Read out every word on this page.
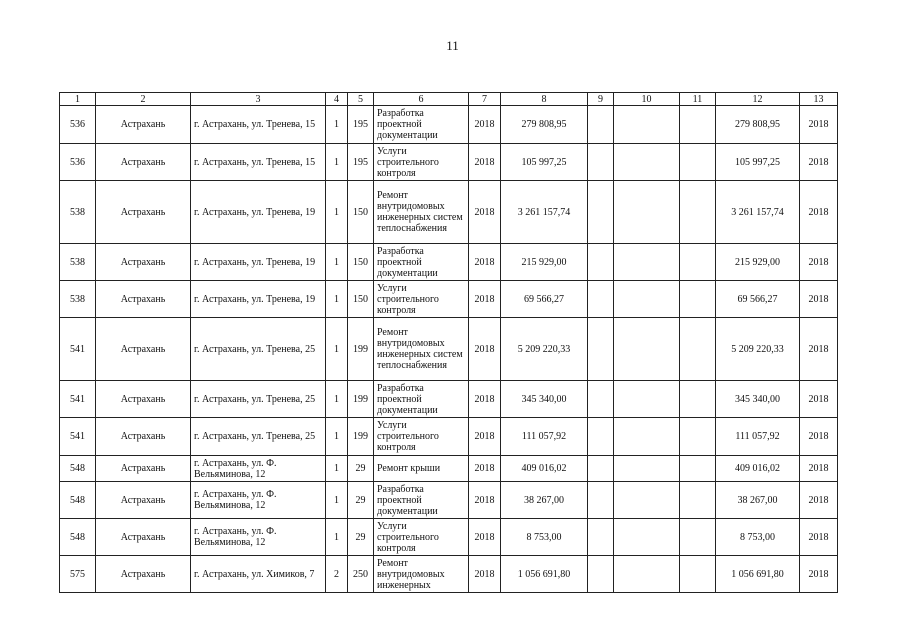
11
1	2	3	4	5	6	7	8	9	10	11	12	13
536	Астрахань	г. Астрахань, ул. Тренева, 15	1	195	Разработка проектной документации	2018	279 808,95				279 808,95	2018
536	Астрахань	г. Астрахань, ул. Тренева, 15	1	195	Услуги строительного контроля	2018	105 997,25				105 997,25	2018
538	Астрахань	г. Астрахань, ул. Тренева, 19	1	150	Ремонт внутридомовых инженерных систем теплоснабжения	2018	3 261 157,74				3 261 157,74	2018
538	Астрахань	г. Астрахань, ул. Тренева, 19	1	150	Разработка проектной документации	2018	215 929,00				215 929,00	2018
538	Астрахань	г. Астрахань, ул. Тренева, 19	1	150	Услуги строительного контроля	2018	69 566,27				69 566,27	2018
541	Астрахань	г. Астрахань, ул. Тренева, 25	1	199	Ремонт внутридомовых инженерных систем теплоснабжения	2018	5 209 220,33				5 209 220,33	2018
541	Астрахань	г. Астрахань, ул. Тренева, 25	1	199	Разработка проектной документации	2018	345 340,00				345 340,00	2018
541	Астрахань	г. Астрахань, ул. Тренева, 25	1	199	Услуги строительного контроля	2018	111 057,92				111 057,92	2018
548	Астрахань	г. Астрахань, ул. Ф. Вельяминова, 12	1	29	Ремонт крыши	2018	409 016,02				409 016,02	2018
548	Астрахань	г. Астрахань, ул. Ф. Вельяминова, 12	1	29	Разработка проектной документации	2018	38 267,00				38 267,00	2018
548	Астрахань	г. Астрахань, ул. Ф. Вельяминова, 12	1	29	Услуги строительного контроля	2018	8 753,00				8 753,00	2018
575	Астрахань	г. Астрахань, ул. Химиков, 7	2	250	Ремонт внутридомовых инженерных	2018	1 056 691,80				1 056 691,80	2018
